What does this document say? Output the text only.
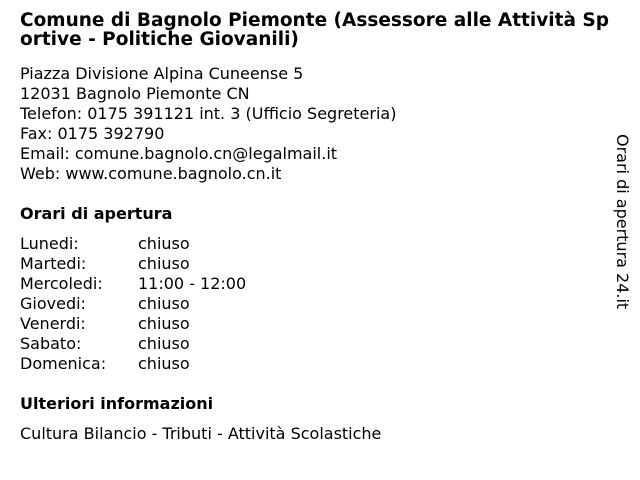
Comune di Bagnolo Piemonte (Assessore alle Attività Sportive - Politiche Giovanili)
Piazza Divisione Alpina Cuneense 5
12031 Bagnolo Piemonte CN
Telefon: 0175 391121 int. 3 (Ufficio Segreteria)
Fax: 0175 392790
Email: comune.bagnolo.cn@legalmail.it
Web: www.comune.bagnolo.cn.it
Orari di apertura
Lunedi:	chiuso
Martedi:	chiuso
Mercoledi:	11:00 - 12:00
Giovedi:	chiuso
Venerdi:	chiuso
Sabato:	chiuso
Domenica:	chiuso
Ulteriori informazioni
Cultura Bilancio - Tributi - Attività Scolastiche
Orari di apertura 24.it
